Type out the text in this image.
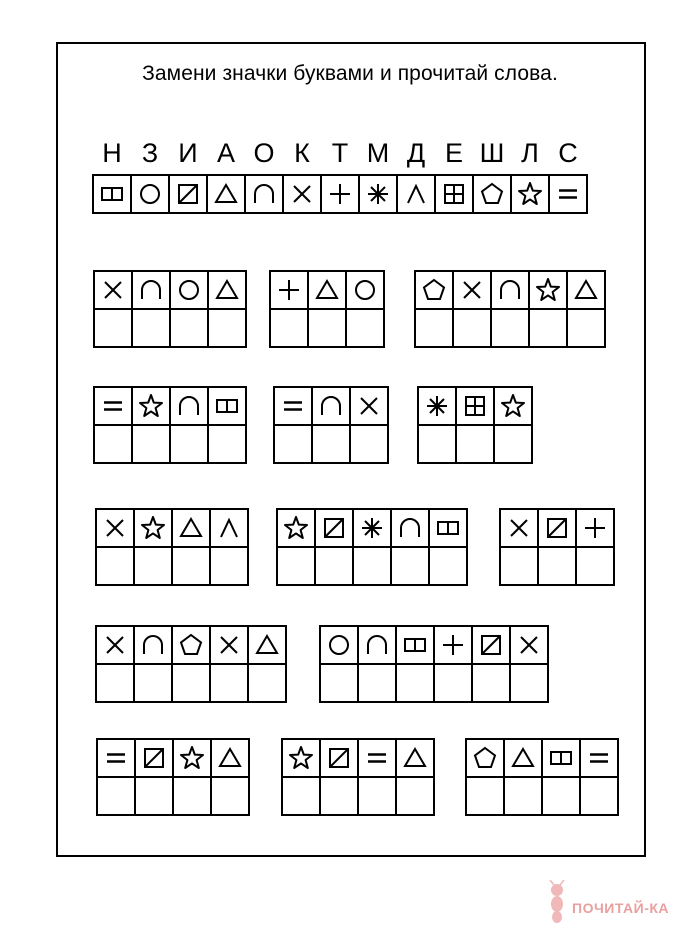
Замени значки буквами и прочитай слова.
Н З И А О К Т М Д Е Ш Л С
ПОЧИТАЙ-КА
